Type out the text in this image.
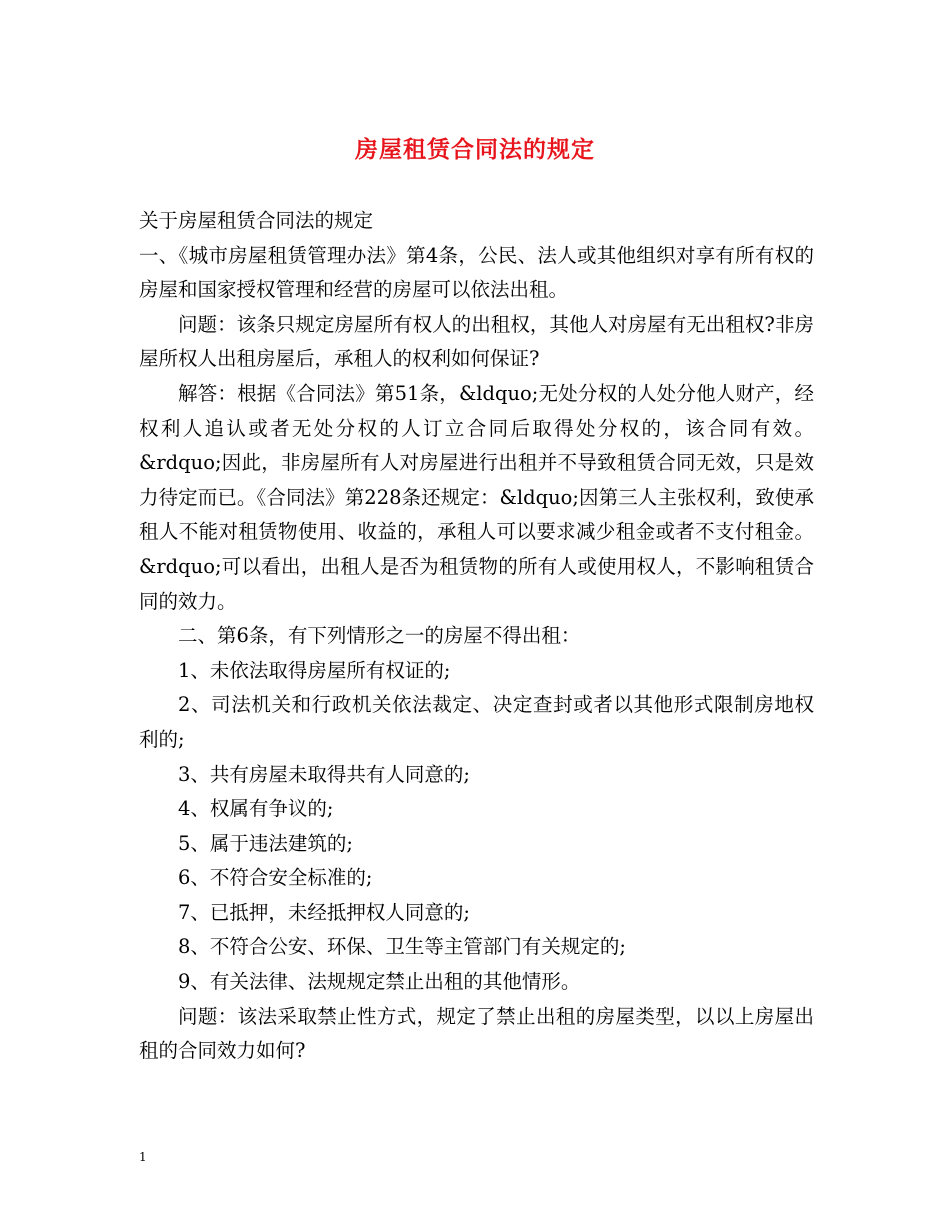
房屋租赁合同法的规定

关于房屋租赁合同法的规定

一、《城市房屋租赁管理办法》第4条，公民、法人或其他组织对享有所有权的房屋和国家授权管理和经营的房屋可以依法出租。

问题：该条只规定房屋所有权人的出租权，其他人对房屋有无出租权?非房屋所权人出租房屋后，承租人的权利如何保证?

解答：根据《合同法》第51条，&ldquo;无处分权的人处分他人财产，经权利人追认或者无处分权的人订立合同后取得处分权的，该合同有效。&rdquo;因此，非房屋所有人对房屋进行出租并不导致租赁合同无效，只是效力待定而已。《合同法》第228条还规定：&ldquo;因第三人主张权利，致使承租人不能对租赁物使用、收益的，承租人可以要求减少租金或者不支付租金。&rdquo;可以看出，出租人是否为租赁物的所有人或使用权人，不影响租赁合同的效力。

二、第6条，有下列情形之一的房屋不得出租：

1、未依法取得房屋所有权证的;

2、司法机关和行政机关依法裁定、决定查封或者以其他形式限制房地权利的;

3、共有房屋未取得共有人同意的;

4、权属有争议的;

5、属于违法建筑的;

6、不符合安全标准的;

7、已抵押，未经抵押权人同意的;

8、不符合公安、环保、卫生等主管部门有关规定的;

9、有关法律、法规规定禁止出租的其他情形。

问题：该法采取禁止性方式，规定了禁止出租的房屋类型，以以上房屋出租的合同效力如何?

1
